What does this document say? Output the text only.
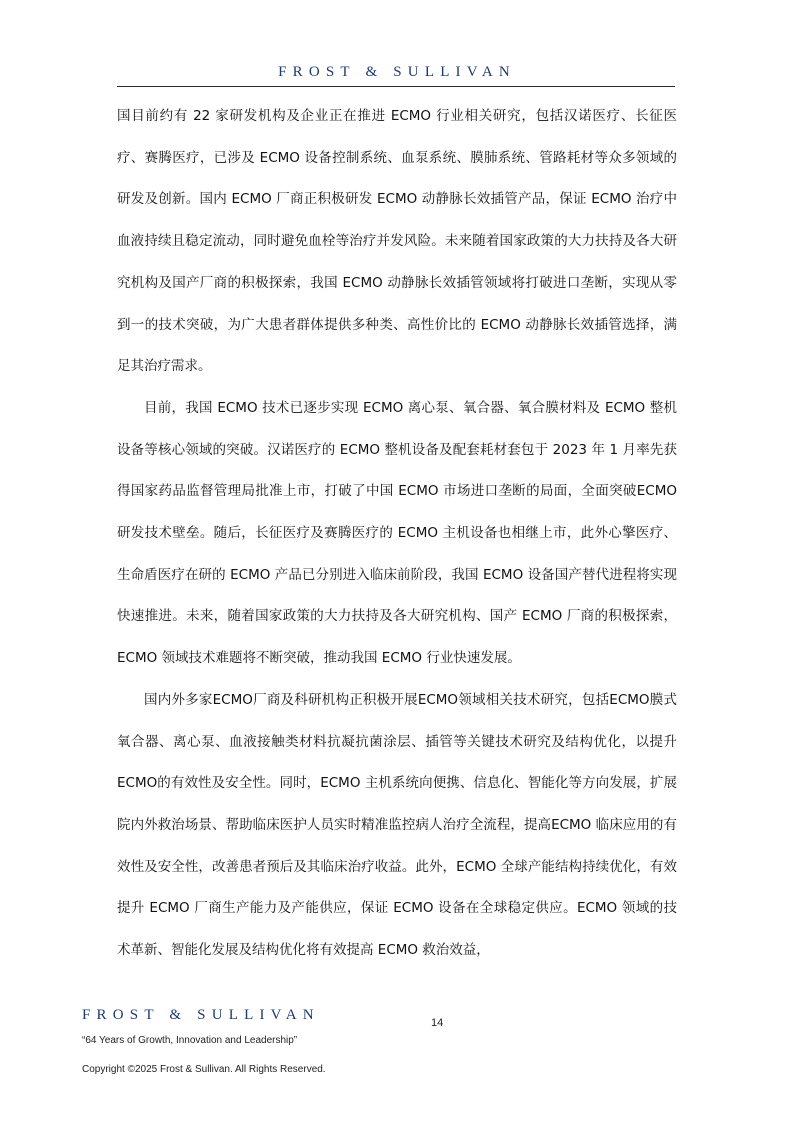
FROST & SULLIVAN

国目前约有 22 家研发机构及企业正在推进 ECMO 行业相关研究，包括汉诺医疗、长征医疗、赛腾医疗，已涉及 ECMO 设备控制系统、血泵系统、膜肺系统、管路耗材等众多领域的研发及创新。国内 ECMO 厂商正积极研发 ECMO 动静脉长效插管产品，保证 ECMO 治疗中血液持续且稳定流动，同时避免血栓等治疗并发风险。未来随着国家政策的大力扶持及各大研究机构及国产厂商的积极探索，我国 ECMO 动静脉长效插管领域将打破进口垄断，实现从零到一的技术突破，为广大患者群体提供多种类、高性价比的 ECMO 动静脉长效插管选择，满足其治疗需求。

目前，我国 ECMO 技术已逐步实现 ECMO 离心泵、氧合器、氧合膜材料及 ECMO 整机设备等核心领域的突破。汉诺医疗的 ECMO 整机设备及配套耗材套包于 2023 年 1 月率先获得国家药品监督管理局批准上市，打破了中国 ECMO 市场进口垄断的局面，全面突破ECMO 研发技术壁垒。随后，长征医疗及赛腾医疗的 ECMO 主机设备也相继上市，此外心擎医疗、生命盾医疗在研的 ECMO 产品已分别进入临床前阶段，我国 ECMO 设备国产替代进程将实现快速推进。未来，随着国家政策的大力扶持及各大研究机构、国产 ECMO 厂商的积极探索，ECMO 领域技术难题将不断突破，推动我国 ECMO 行业快速发展。

国内外多家ECMO厂商及科研机构正积极开展ECMO领域相关技术研究，包括ECMO膜式氧合器、离心泵、血液接触类材料抗凝抗菌涂层、插管等关键技术研究及结构优化，以提升ECMO的有效性及安全性。同时，ECMO 主机系统向便携、信息化、智能化等方向发展，扩展院内外救治场景、帮助临床医护人员实时精准监控病人治疗全流程，提高ECMO 临床应用的有效性及安全性，改善患者预后及其临床治疗收益。此外，ECMO 全球产能结构持续优化，有效提升 ECMO 厂商生产能力及产能供应，保证 ECMO 设备在全球稳定供应。ECMO 领域的技术革新、智能化发展及结构优化将有效提高 ECMO 救治效益，

FROST & SULLIVAN	14
“64 Years of Growth, Innovation and Leadership”
Copyright ©2025 Frost & Sullivan. All Rights Reserved.
